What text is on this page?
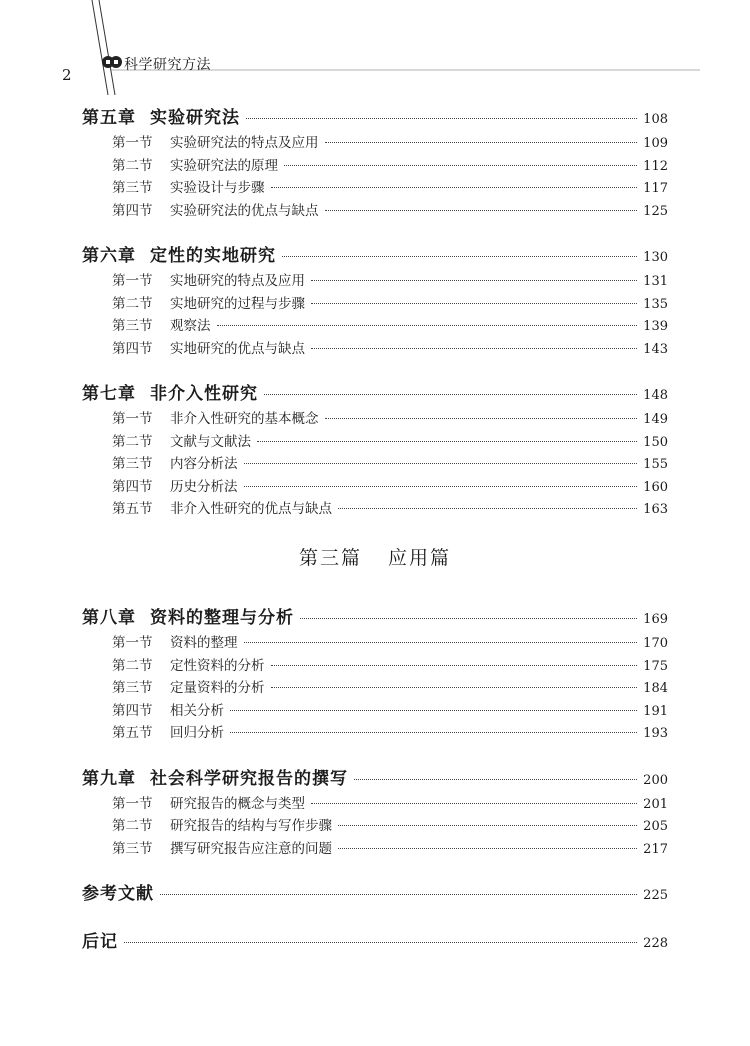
2
科学研究方法
第五章 实验研究法	108
第一节	实验研究法的特点及应用	109
第二节	实验研究法的原理	112
第三节	实验设计与步骤	117
第四节	实验研究法的优点与缺点	125
第六章 定性的实地研究	130
第一节	实地研究的特点及应用	131
第二节	实地研究的过程与步骤	135
第三节	观察法	139
第四节	实地研究的优点与缺点	143
第七章 非介入性研究	148
第一节	非介入性研究的基本概念	149
第二节	文献与文献法	150
第三节	内容分析法	155
第四节	历史分析法	160
第五节	非介入性研究的优点与缺点	163
第三篇 应用篇
第八章 资料的整理与分析	169
第一节	资料的整理	170
第二节	定性资料的分析	175
第三节	定量资料的分析	184
第四节	相关分析	191
第五节	回归分析	193
第九章 社会科学研究报告的撰写	200
第一节	研究报告的概念与类型	201
第二节	研究报告的结构与写作步骤	205
第三节	撰写研究报告应注意的问题	217
参考文献	225
后记	228
